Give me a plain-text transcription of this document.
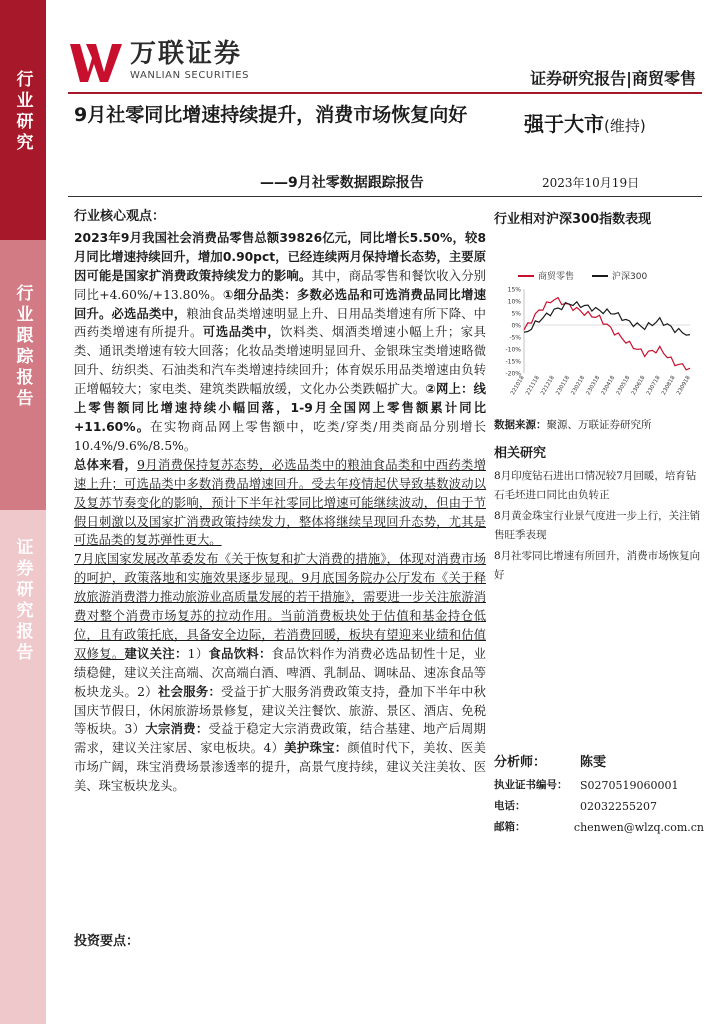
行业研究
行业跟踪报告
证券研究报告
万联证券
WANLIAN SECURITIES	证券研究报告|商贸零售
9月社零同比增速持续提升，消费市场恢复向好
——9月社零数据跟踪报告
强于大市(维持)
2023年10月19日
行业核心观点：

2023年9月我国社会消费品零售总额39826亿元，同比增长5.50%，较8月同比增速持续回升，增加0.90pct，已经连续两月保持增长态势，主要原因可能是国家扩消费政策持续发力的影响。其中，商品零售和餐饮收入分别同比+4.60%/+13.80%。①细分品类：多数必选品和可选消费品同比增速回升。必选品类中，粮油食品类增速明显上升、日用品类增速有所下降、中西药类增速有所提升。可选品类中，饮料类、烟酒类增速小幅上升；家具类、通讯类增速有较大回落；化妆品类增速明显回升、金银珠宝类增速略微回升、纺织类、石油类和汽车类增速持续回升；体育娱乐用品类增速由负转正增幅较大；家电类、建筑类跌幅放缓，文化办公类跌幅扩大。②网上：线上零售额同比增速持续小幅回落，1-9月全国网上零售额累计同比+11.60%。在实物商品网上零售额中，吃类/穿类/用类商品分别增长10.4%/9.6%/8.5%。

总体来看，9月消费保持复苏态势，必选品类中的粮油食品类和中西药类增速上升；可选品类中多数消费品增速回升。受去年疫情起伏导致基数波动以及复苏节奏变化的影响，预计下半年社零同比增速可能继续波动，但由于节假日刺激以及国家扩消费政策持续发力，整体将继续呈现回升态势，尤其是可选品类的复苏弹性更大。

7月底国家发展改革委发布《关于恢复和扩大消费的措施》，体现对消费市场的呵护，政策落地和实施效果逐步显现。9月底国务院办公厅发布《关于释放旅游消费潜力推动旅游业高质量发展的若干措施》，需要进一步关注旅游消费对整个消费市场复苏的拉动作用。当前消费板块处于估值和基金持仓低位，且有政策托底，具备安全边际，若消费回暖，板块有望迎来业绩和估值双修复。建议关注：1）食品饮料：食品饮料作为消费必选品韧性十足，业绩稳健，建议关注高端、次高端白酒、啤酒、乳制品、调味品、速冻食品等板块龙头。2）社会服务：受益于扩大服务消费政策支持，叠加下半年中秋国庆节假日，休闲旅游场景修复，建议关注餐饮、旅游、景区、酒店、免税等板块。3）大宗消费：受益于稳定大宗消费政策，结合基建、地产后周期需求，建议关注家居、家电板块。4）美护珠宝：颜值时代下，美妆、医美市场广阔，珠宝消费场景渗透率的提升，高景气度持续，建议关注美妆、医美、珠宝板块龙头。

投资要点：
行业相对沪深300指数表现
商贸零售	沪深300
15%
10%
5%
0%
-5%
-10%
-15%
-20%
221018 221118 221218 230118 230218 230318 230418 230518 230618 230718 230818 230918
数据来源：聚源、万联证券研究所
相关研究
8月印度钻石进出口情况较7月回暖，培育钻石毛坯进口同比由负转正
8月黄金珠宝行业景气度进一步上行，关注销售旺季表现
8月社零同比增速有所回升，消费市场恢复向好
分析师：	陈雯
执业证书编号：	S0270519060001
电话：	02032255207
邮箱：	chenwen@wlzq.com.cn
